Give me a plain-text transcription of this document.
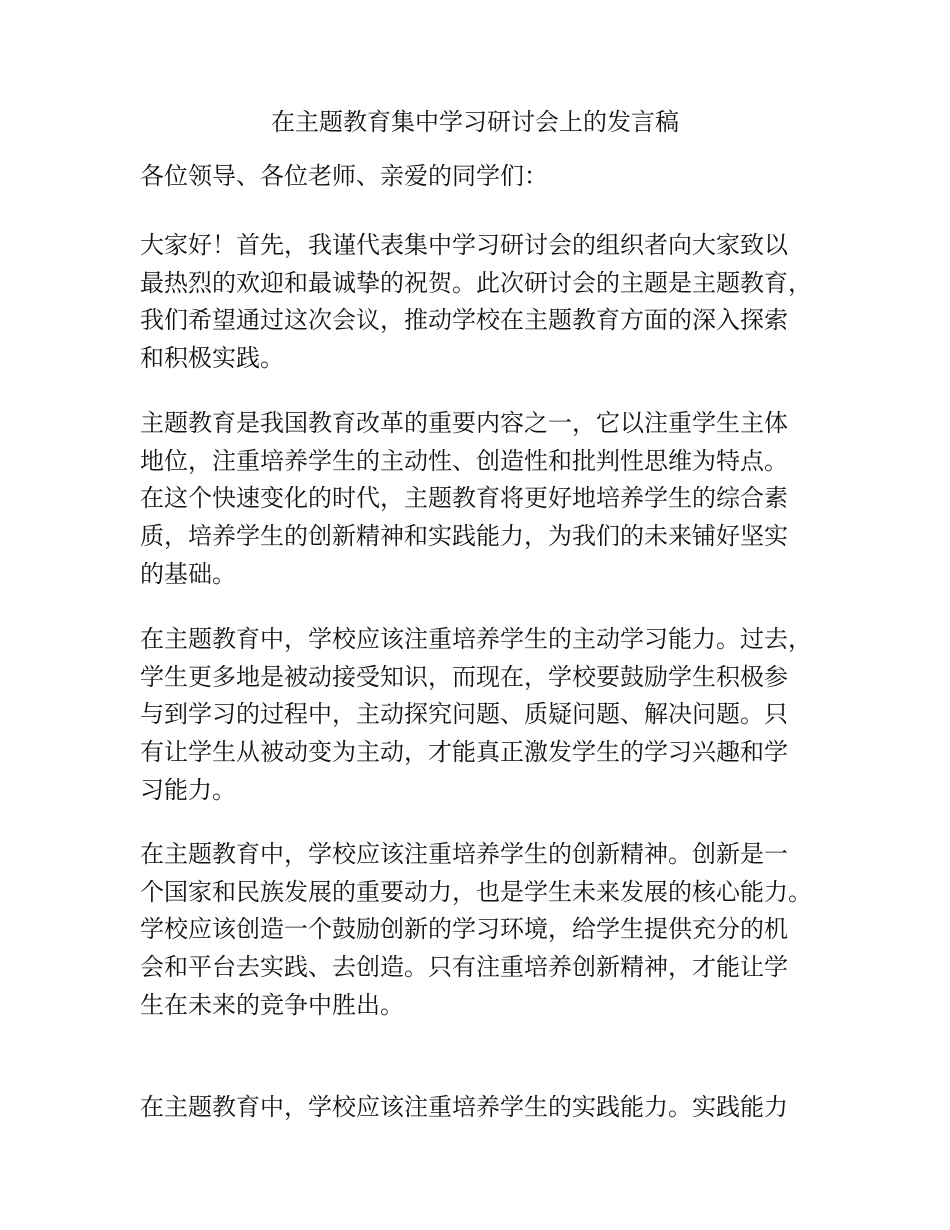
在主题教育集中学习研讨会上的发言稿

各位领导、各位老师、亲爱的同学们：

大家好！首先，我谨代表集中学习研讨会的组织者向大家致以
最热烈的欢迎和最诚挚的祝贺。此次研讨会的主题是主题教育，
我们希望通过这次会议，推动学校在主题教育方面的深入探索
和积极实践。

主题教育是我国教育改革的重要内容之一，它以注重学生主体
地位，注重培养学生的主动性、创造性和批判性思维为特点。
在这个快速变化的时代，主题教育将更好地培养学生的综合素
质，培养学生的创新精神和实践能力，为我们的未来铺好坚实
的基础。

在主题教育中，学校应该注重培养学生的主动学习能力。过去，
学生更多地是被动接受知识，而现在，学校要鼓励学生积极参
与到学习的过程中，主动探究问题、质疑问题、解决问题。只
有让学生从被动变为主动，才能真正激发学生的学习兴趣和学
习能力。

在主题教育中，学校应该注重培养学生的创新精神。创新是一
个国家和民族发展的重要动力，也是学生未来发展的核心能力。
学校应该创造一个鼓励创新的学习环境，给学生提供充分的机
会和平台去实践、去创造。只有注重培养创新精神，才能让学
生在未来的竞争中胜出。

在主题教育中，学校应该注重培养学生的实践能力。实践能力
